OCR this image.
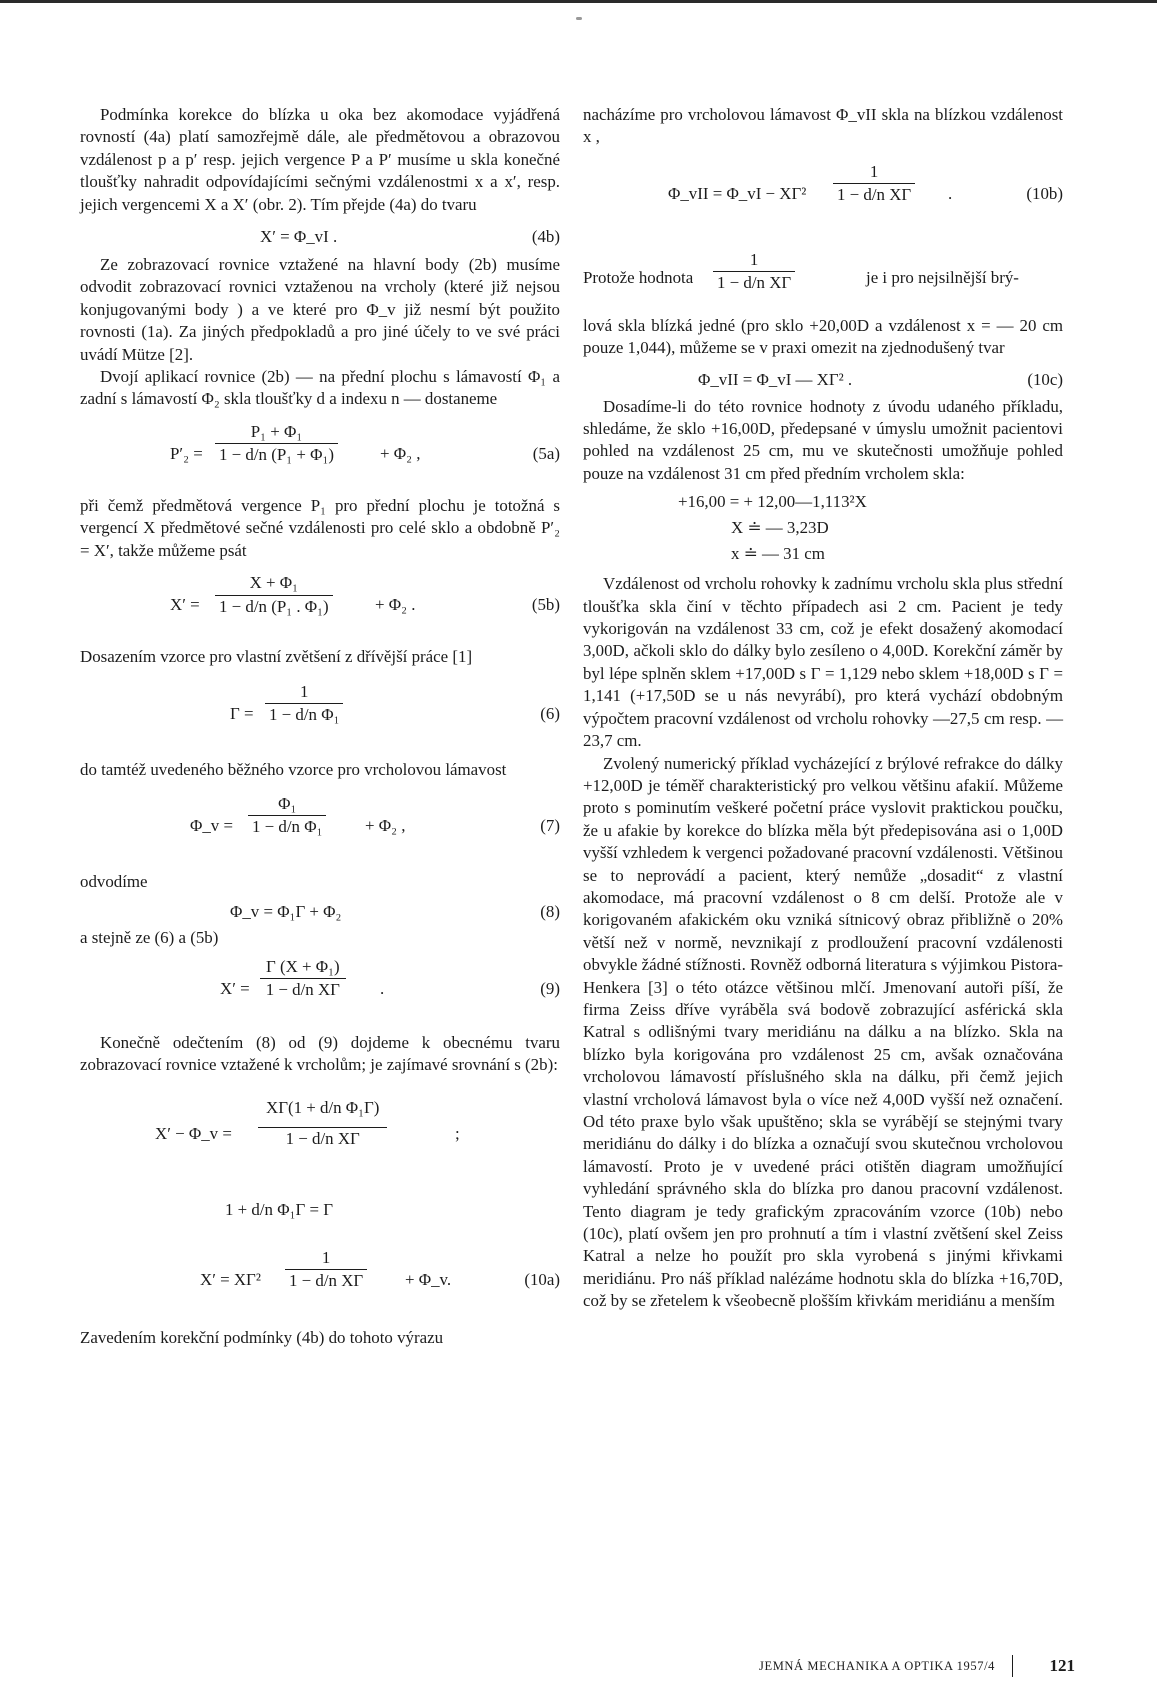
Podmínka korekce do blízka u oka bez akomodace vyjádřená rovností (4a) platí samozřejmě dále, ale předmětovou a obrazovou vzdálenost p a p′ resp. jejich vergence P a P′ musíme u skla konečné tloušťky nahradit odpovídajícími sečnými vzdálenostmi x a x′, resp. jejich vergencemi X a X′ (obr. 2). Tím přejde (4a) do tvaru

X′ = Φ_vI .	(4b)

Ze zobrazovací rovnice vztažené na hlavní body (2b) musíme odvodit zobrazovací rovnici vztaženou na vrcholy (které již nejsou konjugovanými body ) a ve které pro Φ_v již nesmí být použito rovnosti (1a). Za jiných předpokladů a pro jiné účely to ve své práci uvádí Mütze [2].

Dvojí aplikací rovnice (2b) — na přední plochu s lámavostí Φ₁ a zadní s lámavostí Φ₂ skla tloušťky d a indexu n — dostaneme

$P'_2 = \frac{\text{P₁ + Φ₁}}{\text{1 − d/n (P₁ + Φ₁)}} + \Phi_2$ ,	(5a)

při čemž předmětová vergence P₁ pro přední plochu je totožná s vergencí X předmětové sečné vzdálenosti pro celé sklo a obdobně P′₂ = X′, takže můžeme psát

$X' = \frac{\text{X + Φ₁}}{\text{1 − d/n (P₁ . Φ₁)}}$	+ Φ₂ .	(5b)

Dosazením vzorce pro vlastní zvětšení z dřívější práce [1]

$\Gamma = \frac{1}{\text{1 − d/n Φ₁}}$	(6)

do tamtéž uvedeného běžného vzorce pro vrcholovou lámavost

Φ_v = $\frac{\text{Φ₁}}{\text{1 − d/n Φ₁}} + \Phi_2$ ,	(7)

odvodíme

Φ_v = Φ₁Γ + Φ₂	(8)

a stejně ze (6) a (5b)

$X' = \frac{\text{Γ (X + Φ₁)}}{\text{1 − d/n XΓ}}$ .	(9)

Konečně odečtením (8) od (9) dojdeme k obecnému tvaru zobrazovací rovnice vztažené k vrcholům; je zajímavé srovnání s (2b):

X′ − Φ_v = $\frac{\text{XΓ(1 + d/n Φ₁Γ)}}{\text{1 − d/n XΓ}}$	;
1 + d/n Φ₁Γ = Γ
$X' = X\Gamma^2 \frac{1}{\text{1 − d/n XΓ}}$ + Φ_v.	(10a)

Zavedením korekční podmínky (4b) do tohoto výrazu

nacházíme pro vrcholovou lámavost Φ_vII skla na blízkou vzdálenost x ,

Φ_vII = Φ_vI − $X\Gamma^2 \frac{1}{\text{1 − d/n XΓ}}$ .	(10b)
Protože hodnota $\frac{1}{\text{1 − d/n XΓ}}$	je i pro nejsilnější brý-

lová skla blízká jedné (pro sklo +20,00D a vzdálenost x = — 20 cm pouze 1,044), můžeme se v praxi omezit na zjednodušený tvar

Φ_vII = Φ_vI — XΓ² .	(10c)

Dosadíme-li do této rovnice hodnoty z úvodu udaného příkladu, shledáme, že sklo +16,00D, předepsané v úmyslu umožnit pacientovi pohled na vzdálenost 25 cm, mu ve skutečnosti umožňuje pohled pouze na vzdálenost 31 cm před předním vrcholem skla:

+16,00 = + 12,00—1,113²X
X ≐ — 3,23D
x ≐ — 31 cm

Vzdálenost od vrcholu rohovky k zadnímu vrcholu skla plus střední tloušťka skla činí v těchto případech asi 2 cm. Pacient je tedy vykorigován na vzdálenost 33 cm, což je efekt dosažený akomodací 3,00D, ačkoli sklo do dálky bylo zesíleno o 4,00D. Korekční záměr by byl lépe splněn sklem +17,00D s Γ = 1,129 nebo sklem +18,00D s Γ = 1,141 (+17,50D se u nás nevyrábí), pro která vychází obdobným výpočtem pracovní vzdálenost od vrcholu rohovky —27,5 cm resp. —23,7 cm.

Zvolený numerický příklad vycházející z brýlové refrakce do dálky +12,00D je téměř charakteristický pro velkou většinu afakií. Můžeme proto s pominutím veškeré početní práce vyslovit praktickou poučku, že u afakie by korekce do blízka měla být předepisována asi o 1,00D vyšší vzhledem k vergenci požadované pracovní vzdálenosti. Většinou se to neprovádí a pacient, který nemůže „dosadit“ z vlastní akomodace, má pracovní vzdálenost o 8 cm delší. Protože ale v korigovaném afakickém oku vzniká sítnicový obraz přibližně o 20% větší než v normě, nevznikají z prodloužení pracovní vzdálenosti obvykle žádné stížnosti. Rovněž odborná literatura s výjimkou Pistora-Henkera [3] o této otázce většinou mlčí. Jmenovaní autoři píší, že firma Zeiss dříve vyráběla svá bodově zobrazující asférická skla Katral s odlišnými tvary meridiánu na dálku a na blízko. Skla na blízko byla korigována pro vzdálenost 25 cm, avšak označována vrcholovou lámavostí příslušného skla na dálku, při čemž jejich vlastní vrcholová lámavost byla o více než 4,00D vyšší než označení. Od této praxe bylo však upuštěno; skla se vyrábějí se stejnými tvary meridiánu do dálky i do blízka a označují svou skutečnou vrcholovou lámavostí. Proto je v uvedené práci otištěn diagram umožňující vyhledání správného skla do blízka pro danou pracovní vzdálenost. Tento diagram je tedy grafickým zpracováním vzorce (10b) nebo (10c), platí ovšem jen pro prohnutí a tím i vlastní zvětšení skel Zeiss Katral a nelze ho použít pro skla vyrobená s jinými křivkami meridiánu. Pro náš příklad nalézáme hodnotu skla do blízka +16,70D, což by se zřetelem k všeobecně plošším křivkám meridiánu a menším

JEMNÁ MECHANIKA A OPTIKA 1957/4	121
